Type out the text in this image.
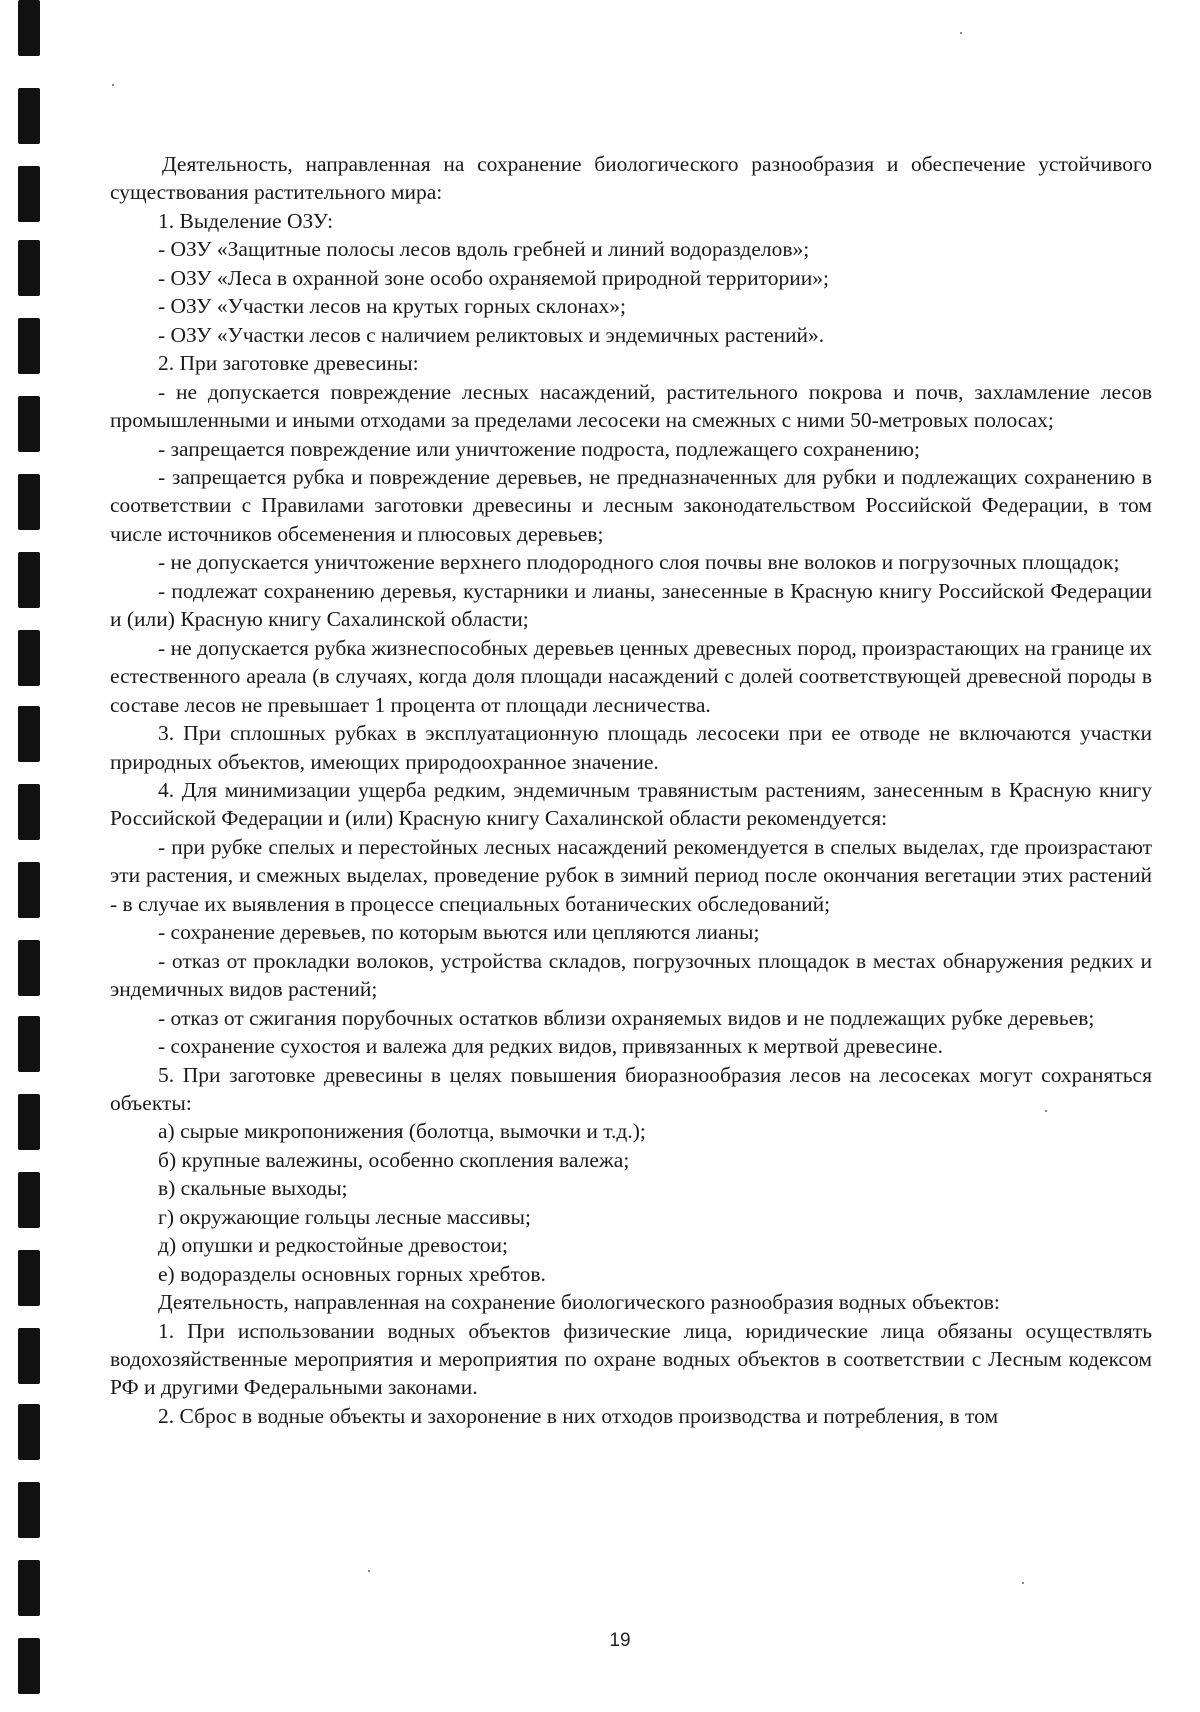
Деятельность, направленная на сохранение биологического разнообразия и обеспечение устойчивого существования растительного мира:

1. Выделение ОЗУ:

- ОЗУ «Защитные полосы лесов вдоль гребней и линий водоразделов»;

- ОЗУ «Леса в охранной зоне особо охраняемой природной территории»;

- ОЗУ «Участки лесов на крутых горных склонах»;

- ОЗУ «Участки лесов с наличием реликтовых и эндемичных растений».

2. При заготовке древесины:

- не допускается повреждение лесных насаждений, растительного покрова и почв, захламление лесов промышленными и иными отходами за пределами лесосеки на смежных с ними 50-метровых полосах;

- запрещается повреждение или уничтожение подроста, подлежащего сохранению;

- запрещается рубка и повреждение деревьев, не предназначенных для рубки и подлежащих сохранению в соответствии с Правилами заготовки древесины и лесным законодательством Российской Федерации, в том числе источников обсеменения и плюсовых деревьев;

- не допускается уничтожение верхнего плодородного слоя почвы вне волоков и погрузочных площадок;

- подлежат сохранению деревья, кустарники и лианы, занесенные в Красную книгу Российской Федерации и (или) Красную книгу Сахалинской области;

- не допускается рубка жизнеспособных деревьев ценных древесных пород, произрастающих на границе их естественного ареала (в случаях, когда доля площади насаждений с долей соответствующей древесной породы в составе лесов не превышает 1 процента от площади лесничества.

3. При сплошных рубках в эксплуатационную площадь лесосеки при ее отводе не включаются участки природных объектов, имеющих природоохранное значение.

4. Для минимизации ущерба редким, эндемичным травянистым растениям, занесенным в Красную книгу Российской Федерации и (или) Красную книгу Сахалинской области рекомендуется:

- при рубке спелых и перестойных лесных насаждений рекомендуется в спелых выделах, где произрастают эти растения, и смежных выделах, проведение рубок в зимний период после окончания вегетации этих растений - в случае их выявления в процессе специальных ботанических обследований;

- сохранение деревьев, по которым вьются или цепляются лианы;

- отказ от прокладки волоков, устройства складов, погрузочных площадок в местах обнаружения редких и эндемичных видов растений;

- отказ от сжигания порубочных остатков вблизи охраняемых видов и не подлежащих рубке деревьев;

- сохранение сухостоя и валежа для редких видов, привязанных к мертвой древесине.

5. При заготовке древесины в целях повышения биоразнообразия лесов на лесосеках могут сохраняться объекты:

а) сырые микропонижения (болотца, вымочки и т.д.);

б) крупные валежины, особенно скопления валежа;

в) скальные выходы;

г) окружающие гольцы лесные массивы;

д) опушки и редкостойные древостои;

е) водоразделы основных горных хребтов.

Деятельность, направленная на сохранение биологического разнообразия водных объектов:

1. При использовании водных объектов физические лица, юридические лица обязаны осуществлять водохозяйственные мероприятия и мероприятия по охране водных объектов в соответствии с Лесным кодексом РФ и другими Федеральными законами.

2. Сброс в водные объекты и захоронение в них отходов производства и потребления, в том

19
